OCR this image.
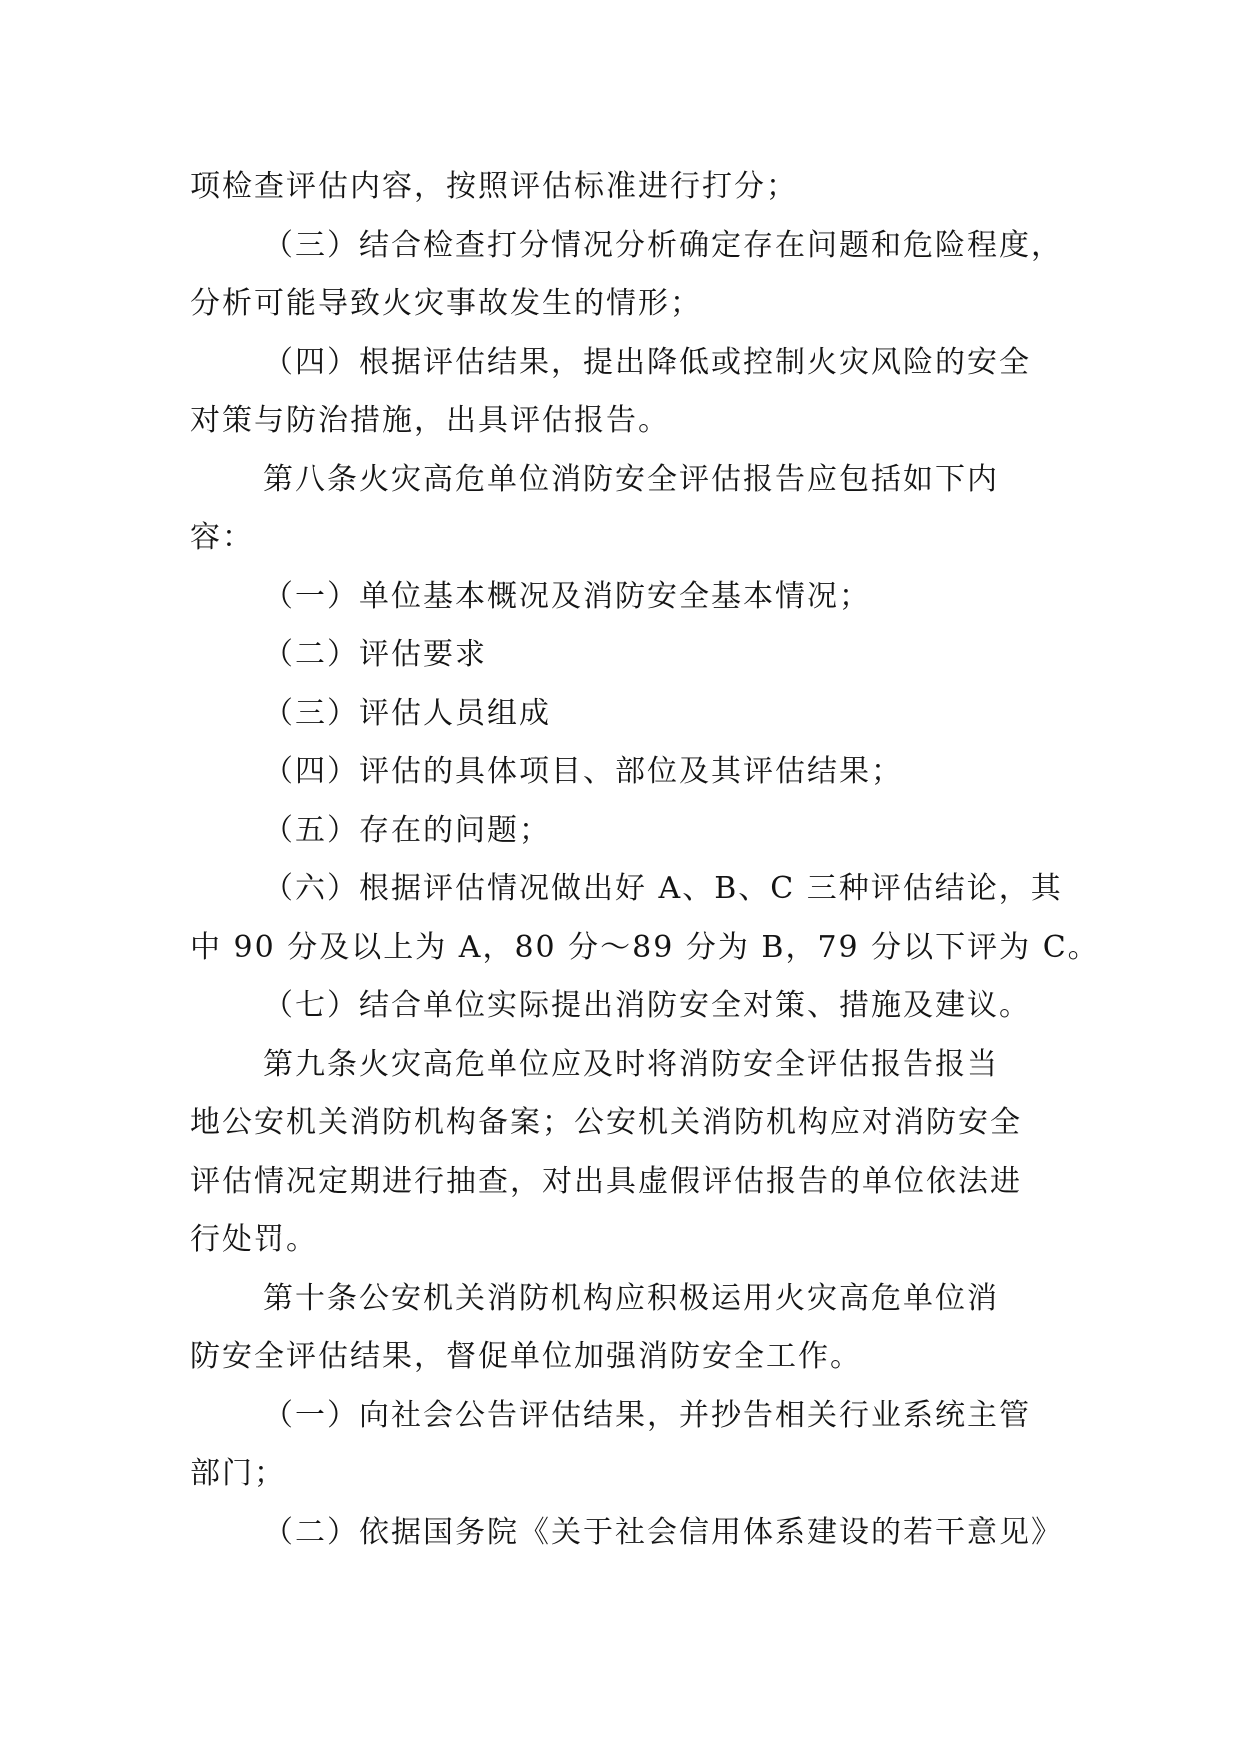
项检查评估内容，按照评估标准进行打分；
（三）结合检查打分情况分析确定存在问题和危险程度，
分析可能导致火灾事故发生的情形；
（四）根据评估结果，提出降低或控制火灾风险的安全
对策与防治措施，出具评估报告。
第八条火灾高危单位消防安全评估报告应包括如下内
容：
（一）单位基本概况及消防安全基本情况；
（二）评估要求
（三）评估人员组成
（四）评估的具体项目、部位及其评估结果；
（五）存在的问题；
（六）根据评估情况做出好 A、B、C 三种评估结论，其
中 90 分及以上为 A，80 分～89 分为 B，79 分以下评为 C。
（七）结合单位实际提出消防安全对策、措施及建议。
第九条火灾高危单位应及时将消防安全评估报告报当
地公安机关消防机构备案；公安机关消防机构应对消防安全
评估情况定期进行抽查，对出具虚假评估报告的单位依法进
行处罚。
第十条公安机关消防机构应积极运用火灾高危单位消
防安全评估结果，督促单位加强消防安全工作。
（一）向社会公告评估结果，并抄告相关行业系统主管
部门；
（二）依据国务院《关于社会信用体系建设的若干意见》
